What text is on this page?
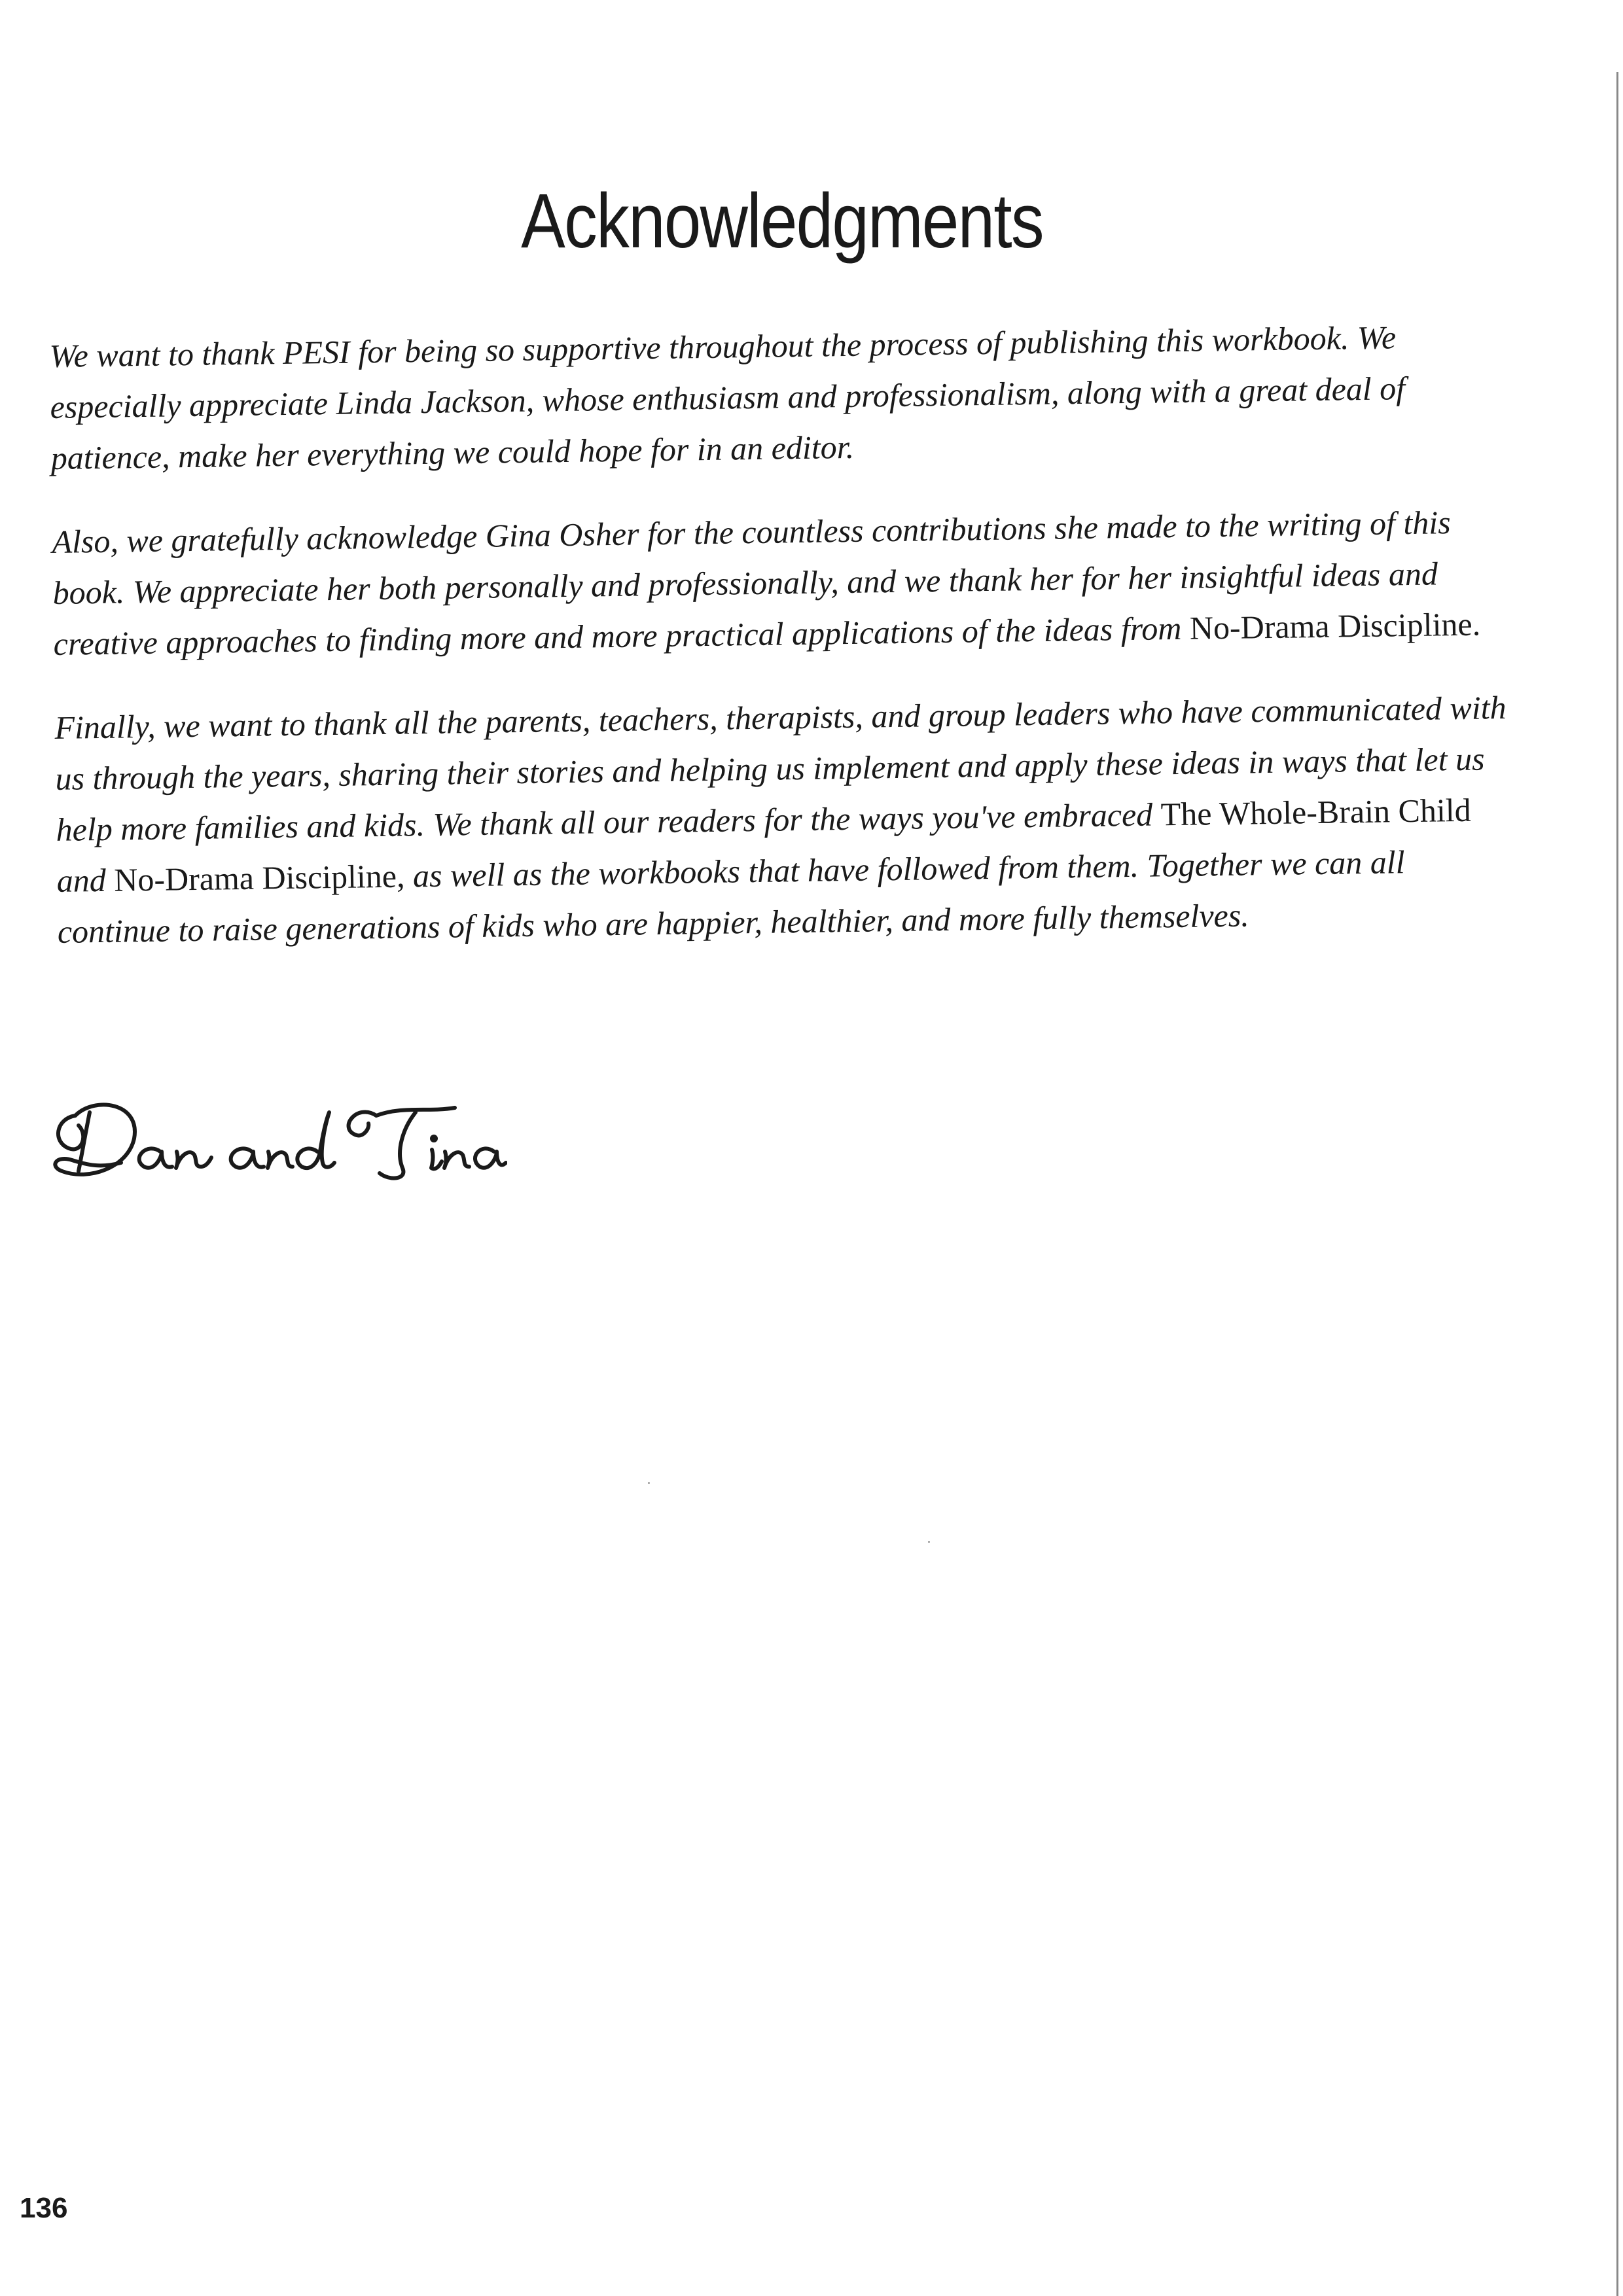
Acknowledgments

We want to thank PESI for being so supportive throughout the process of publishing this workbook. We especially appreciate Linda Jackson, whose enthusiasm and professionalism, along with a great deal of patience, make her everything we could hope for in an editor.

Also, we gratefully acknowledge Gina Osher for the countless contributions she made to the writing of this book. We appreciate her both personally and professionally, and we thank her for her insightful ideas and creative approaches to finding more and more practical applications of the ideas from No-Drama Discipline.

Finally, we want to thank all the parents, teachers, therapists, and group leaders who have communicated with us through the years, sharing their stories and helping us implement and apply these ideas in ways that let us help more families and kids. We thank all our readers for the ways you've embraced The Whole-Brain Child and No-Drama Discipline, as well as the workbooks that have followed from them. Together we can all continue to raise generations of kids who are happier, healthier, and more fully themselves.

136
